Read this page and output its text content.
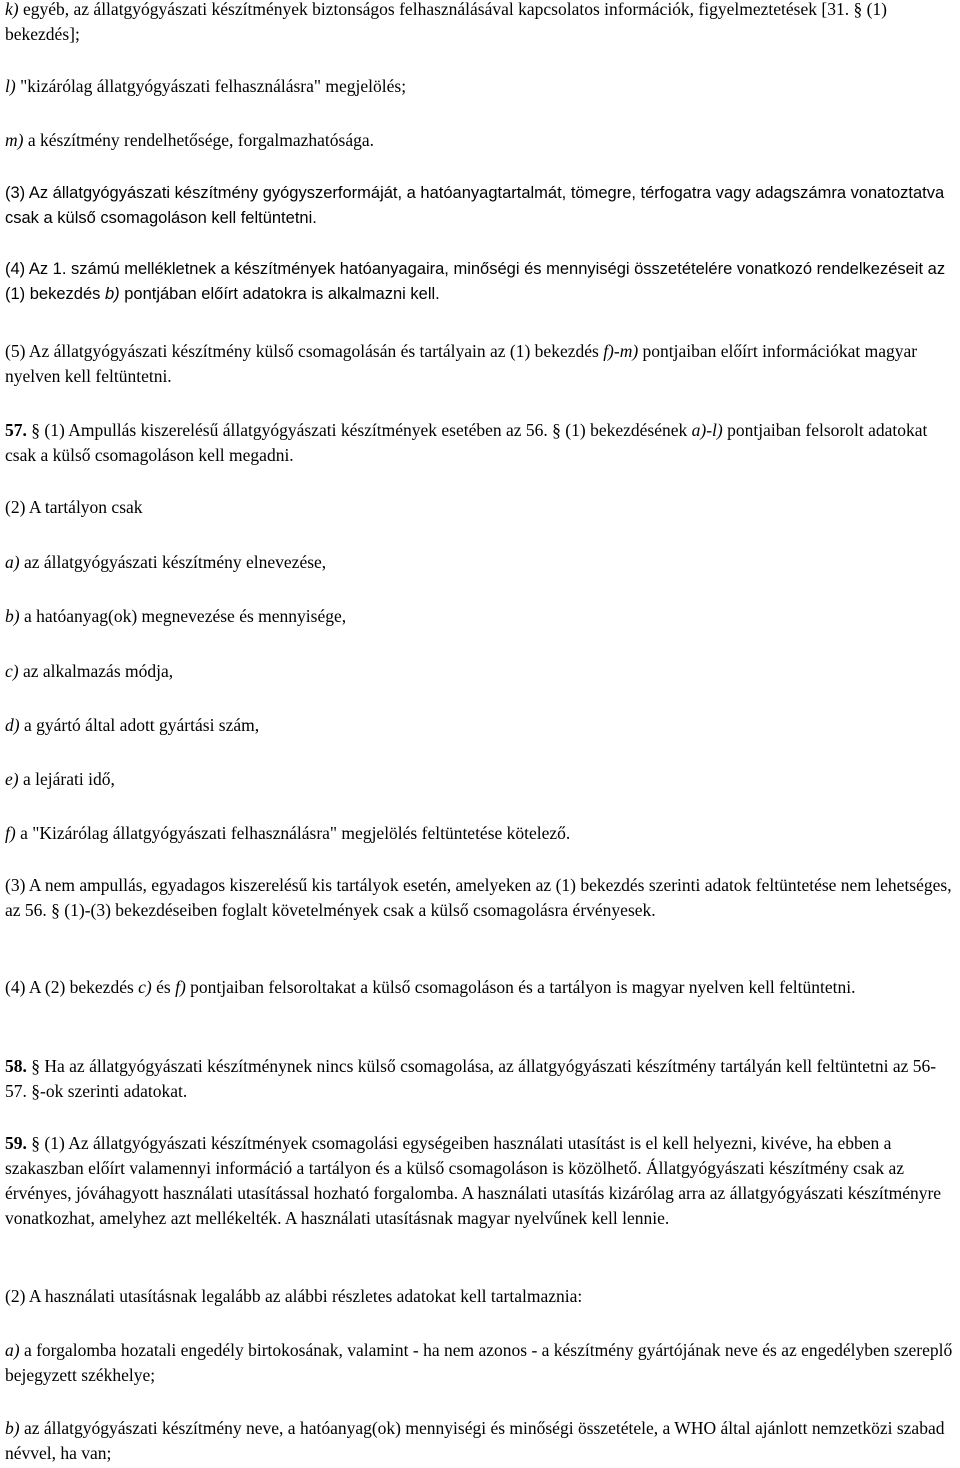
k) egyéb, az állatgyógyászati készítmények biztonságos felhasználásával kapcsolatos információk, figyelmeztetések [31. § (1) bekezdés];

l) "kizárólag állatgyógyászati felhasználásra" megjelölés;

m) a készítmény rendelhetősége, forgalmazhatósága.

(3) Az állatgyógyászati készítmény gyógyszerformáját, a hatóanyagtartalmát, tömegre, térfogatra vagy adagszámra vonatoztatva csak a külső csomagoláson kell feltüntetni.

(4) Az 1. számú mellékletnek a készítmények hatóanyagaira, minőségi és mennyiségi összetételére vonatkozó rendelkezéseit az (1) bekezdés b) pontjában előírt adatokra is alkalmazni kell.

(5) Az állatgyógyászati készítmény külső csomagolásán és tartályain az (1) bekezdés f)-m) pontjaiban előírt információkat magyar nyelven kell feltüntetni.

57. § (1) Ampullás kiszerelésű állatgyógyászati készítmények esetében az 56. § (1) bekezdésének a)-l) pontjaiban felsorolt adatokat csak a külső csomagoláson kell megadni.

(2) A tartályon csak

a) az állatgyógyászati készítmény elnevezése,

b) a hatóanyag(ok) megnevezése és mennyisége,

c) az alkalmazás módja,

d) a gyártó által adott gyártási szám,

e) a lejárati idő,

f) a "Kizárólag állatgyógyászati felhasználásra" megjelölés feltüntetése kötelező.

(3) A nem ampullás, egyadagos kiszerelésű kis tartályok esetén, amelyeken az (1) bekezdés szerinti adatok feltüntetése nem lehetséges, az 56. § (1)-(3) bekezdéseiben foglalt követelmények csak a külső csomagolásra érvényesek.

(4) A (2) bekezdés c) és f) pontjaiban felsoroltakat a külső csomagoláson és a tartályon is magyar nyelven kell feltüntetni.

58. § Ha az állatgyógyászati készítménynek nincs külső csomagolása, az állatgyógyászati készítmény tartályán kell feltüntetni az 56-57. §-ok szerinti adatokat.

59. § (1) Az állatgyógyászati készítmények csomagolási egységeiben használati utasítást is el kell helyezni, kivéve, ha ebben a szakaszban előírt valamennyi információ a tartályon és a külső csomagoláson is közölhető. Állatgyógyászati készítmény csak az érvényes, jóváhagyott használati utasítással hozható forgalomba. A használati utasítás kizárólag arra az állatgyógyászati készítményre vonatkozhat, amelyhez azt mellékelték. A használati utasításnak magyar nyelvűnek kell lennie.

(2) A használati utasításnak legalább az alábbi részletes adatokat kell tartalmaznia:

a) a forgalomba hozatali engedély birtokosának, valamint - ha nem azonos - a készítmény gyártójának neve és az engedélyben szereplő bejegyzett székhelye;

b) az állatgyógyászati készítmény neve, a hatóanyag(ok) mennyiségi és minőségi összetétele, a WHO által ajánlott nemzetközi szabad névvel, ha van;
